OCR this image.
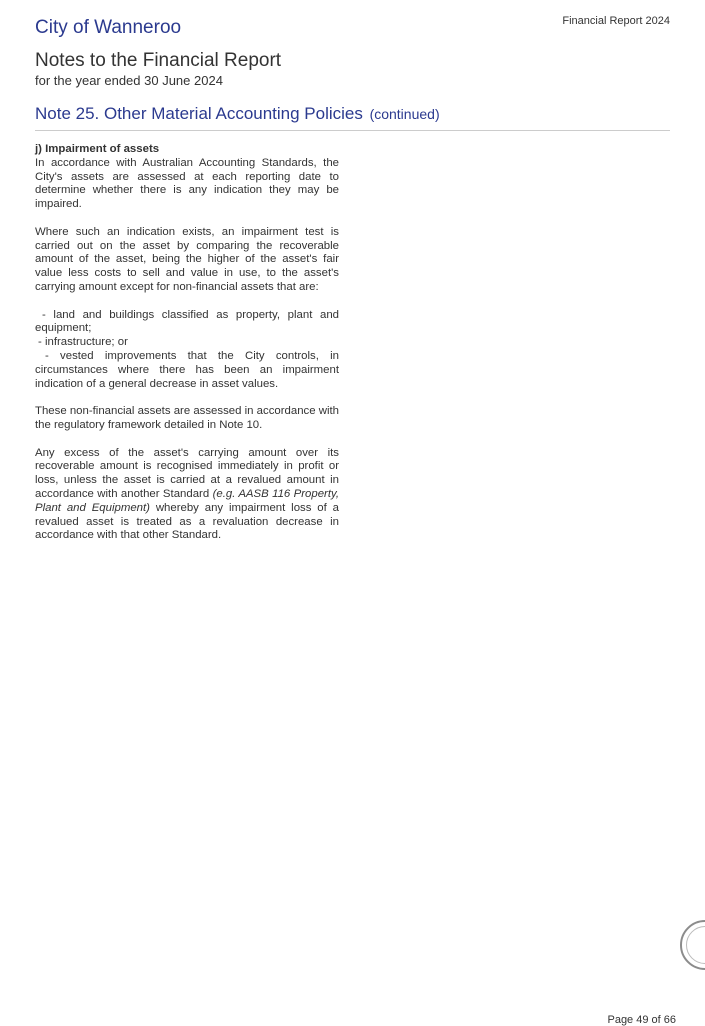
City of Wanneroo	Financial Report 2024
Notes to the Financial Report
for the year ended 30 June 2024
Note 25. Other Material Accounting Policies (continued)

j) Impairment of assets

In accordance with Australian Accounting Standards, the City's assets are assessed at each reporting date to determine whether there is any indication they may be impaired.

Where such an indication exists, an impairment test is carried out on the asset by comparing the recoverable amount of the asset, being the higher of the asset's fair value less costs to sell and value in use, to the asset's carrying amount except for non-financial assets that are:

- land and buildings classified as property, plant and equipment;
- infrastructure; or
- vested improvements that the City controls, in circumstances where there has been an impairment indication of a general decrease in asset values.

These non-financial assets are assessed in accordance with the regulatory framework detailed in Note 10.

Any excess of the asset's carrying amount over its recoverable amount is recognised immediately in profit or loss, unless the asset is carried at a revalued amount in accordance with another Standard (e.g. AASB 116 Property, Plant and Equipment) whereby any impairment loss of a revalued asset is treated as a revaluation decrease in accordance with that other Standard.

Page 49 of 66
